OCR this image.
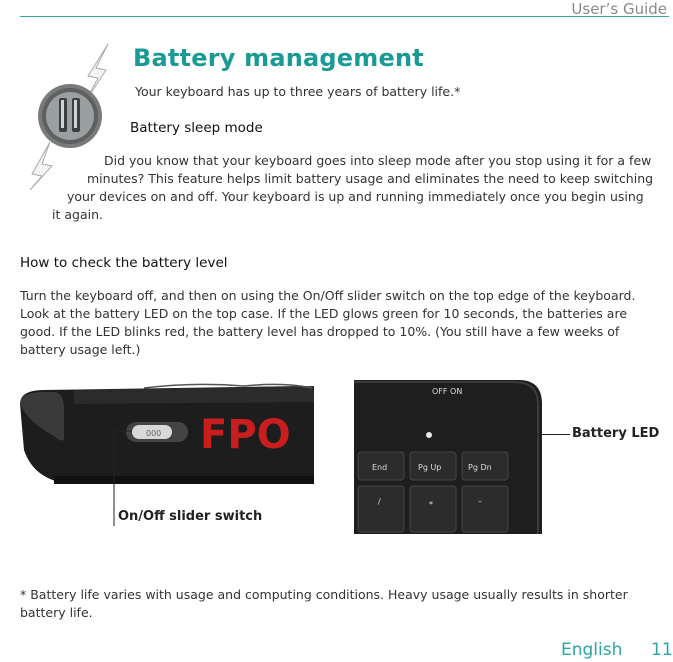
User’s Guide
Battery management
Your keyboard has up to three years of battery life.*
Battery sleep mode
Did you know that your keyboard goes into sleep mode after you stop using it for a few
minutes? This feature helps limit battery usage and eliminates the need to keep switching
your devices on and off. Your keyboard is up and running immediately once you begin using
it again.
How to check the battery level
Turn the keyboard off, and then on using the On/Off slider switch on the top edge of the keyboard.
Look at the battery LED on the top case. If the LED glows green for 10 seconds, the batteries are
good. If the LED blinks red, the battery level has dropped to 10%. (You still have a few weeks of
battery usage left.)
000 FPO
On/Off slider switch
OFF ON
End	Pg Up	Pg Dn
/	*	–
Battery LED
* Battery life varies with usage and computing conditions. Heavy usage usually results in shorter
battery life.
English 11
